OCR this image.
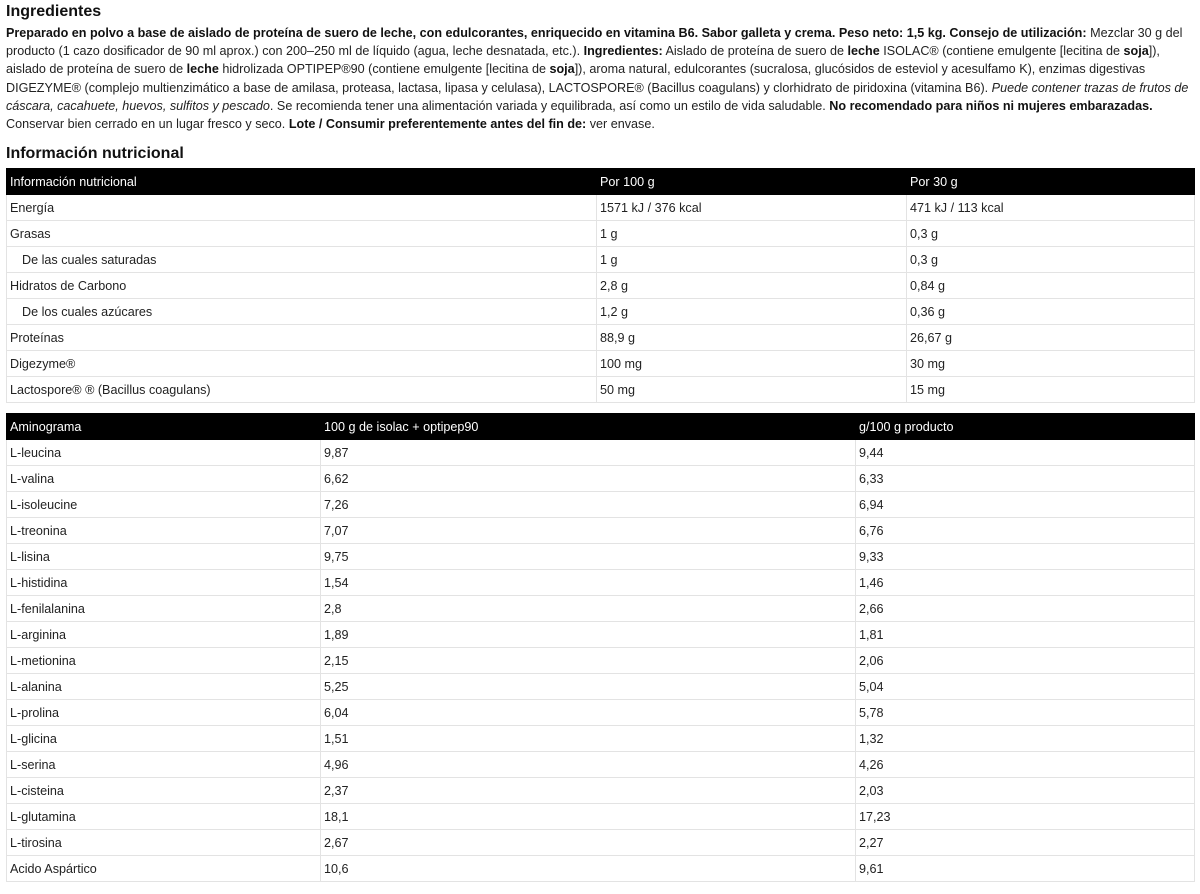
Ingredientes

Preparado en polvo a base de aislado de proteína de suero de leche, con edulcorantes, enriquecido en vitamina B6. Sabor galleta y crema. Peso neto: 1,5 kg. Consejo de utilización: Mezclar 30 g del producto (1 cazo dosificador de 90 ml aprox.) con 200–250 ml de líquido (agua, leche desnatada, etc.). Ingredientes: Aislado de proteína de suero de leche ISOLAC® (contiene emulgente [lecitina de soja]), aislado de proteína de suero de leche hidrolizada OPTIPEP®90 (contiene emulgente [lecitina de soja]), aroma natural, edulcorantes (sucralosa, glucósidos de esteviol y acesulfamo K), enzimas digestivas DIGEZYME® (complejo multienzimático a base de amilasa, proteasa, lactasa, lipasa y celulasa), LACTOSPORE® (Bacillus coagulans) y clorhidrato de piridoxina (vitamina B6). Puede contener trazas de frutos de cáscara, cacahuete, huevos, sulfitos y pescado. Se recomienda tener una alimentación variada y equilibrada, así como un estilo de vida saludable. No recomendado para niños ni mujeres embarazadas. Conservar bien cerrado en un lugar fresco y seco. Lote / Consumir preferentemente antes del fin de: ver envase.

Información nutricional
Información nutricional	Por 100 g	Por 30 g
Energía	1571 kJ / 376 kcal	471 kJ / 113 kcal
Grasas	1 g	0,3 g
De las cuales saturadas	1 g	0,3 g
Hidratos de Carbono	2,8 g	0,84 g
De los cuales azúcares	1,2 g	0,36 g
Proteínas	88,9 g	26,67 g
Digezyme®	100 mg	30 mg
Lactospore® ® (Bacillus coagulans)	50 mg	15 mg
Aminograma	100 g de isolac + optipep90	g/100 g producto
L-leucina	9,87	9,44
L-valina	6,62	6,33
L-isoleucine	7,26	6,94
L-treonina	7,07	6,76
L-lisina	9,75	9,33
L-histidina	1,54	1,46
L-fenilalanina	2,8	2,66
L-arginina	1,89	1,81
L-metionina	2,15	2,06
L-alanina	5,25	5,04
L-prolina	6,04	5,78
L-glicina	1,51	1,32
L-serina	4,96	4,26
L-cisteina	2,37	2,03
L-glutamina	18,1	17,23
L-tirosina	2,67	2,27
Acido Aspártico	10,6	9,61
